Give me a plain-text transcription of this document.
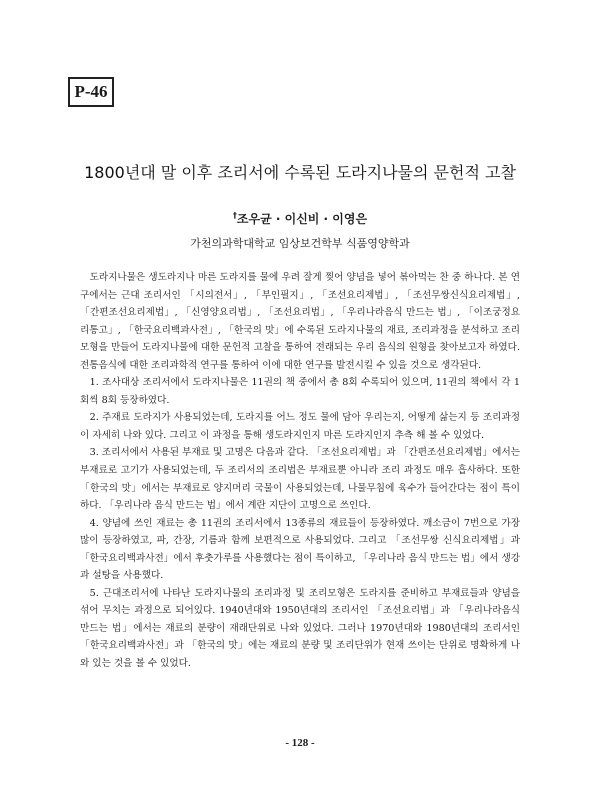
P-46
1800년대 말 이후 조리서에 수록된 도라지나물의 문헌적 고찰
†조우균 · 이신비 · 이영은
가천의과학대학교 임상보건학부 식품영양학과

도라지나물은 생도라지나 마른 도라지를 물에 우려 잘게 찢어 양념을 넣어 볶아먹는 찬 중 하나다. 본 연구에서는 근대 조리서인 「시의전서」, 「부인필지」, 「조선요리제법」, 「조선무쌍신식요리제법」, 「간편조선요리제법」, 「신영양요리법」, 「조선요리법」, 「우리나라음식 만드는 법」, 「이조궁정요리통고」, 「한국요리백과사전」, 「한국의 맛」에 수록된 도라지나물의 재료, 조리과정을 분석하고 조리모형을 만들어 도라지나물에 대한 문헌적 고찰을 통하여 전래되는 우리 음식의 원형을 찾아보고자 하였다. 전통음식에 대한 조리과학적 연구를 통하여 이에 대한 연구를 발전시킬 수 있을 것으로 생각된다.

1. 조사대상 조리서에서 도라지나물은 11권의 책 중에서 총 8회 수록되어 있으며, 11권의 책에서 각 1회씩 8회 등장하였다.

2. 주재료 도라지가 사용되었는데, 도라지를 어느 정도 물에 담아 우리는지, 어떻게 삶는지 등 조리과정이 자세히 나와 있다. 그리고 이 과정을 통해 생도라지인지 마른 도라지인지 추측 해 볼 수 있었다.

3. 조리서에서 사용된 부재료 및 고명은 다음과 같다. 「조선요리제법」과 「간편조선요리제법」에서는 부재료로 고기가 사용되었는데, 두 조리서의 조리법은 부재료뿐 아니라 조리 과정도 매우 흡사하다. 또한 「한국의 맛」에서는 부재료로 양지머리 국물이 사용되었는데, 나물무침에 육수가 들어간다는 점이 특이하다. 「우리나라 음식 만드는 법」에서 계란 지단이 고명으로 쓰인다.

4. 양념에 쓰인 재료는 총 11권의 조리서에서 13종류의 재료들이 등장하였다. 깨소금이 7번으로 가장 많이 등장하였고, 파, 간장, 기름과 함께 보편적으로 사용되었다. 그리고 「조선무쌍 신식요리제법」과 「한국요리백과사전」에서 후춧가루를 사용했다는 점이 특이하고, 「우리나라 음식 만드는 법」에서 생강과 설탕을 사용했다.

5. 근대조리서에 나타난 도라지나물의 조리과정 및 조리모형은 도라지를 준비하고 부재료들과 양념을 섞어 무치는 과정으로 되어있다. 1940년대와 1950년대의 조리서인 「조선요리법」과 「우리나라음식 만드는 법」에서는 재료의 분량이 재래단위로 나와 있었다. 그러나 1970년대와 1980년대의 조리서인 「한국요리백과사전」과 「한국의 맛」에는 재료의 분량 및 조리단위가 현재 쓰이는 단위로 명확하게 나와 있는 것을 볼 수 있었다.

- 128 -
